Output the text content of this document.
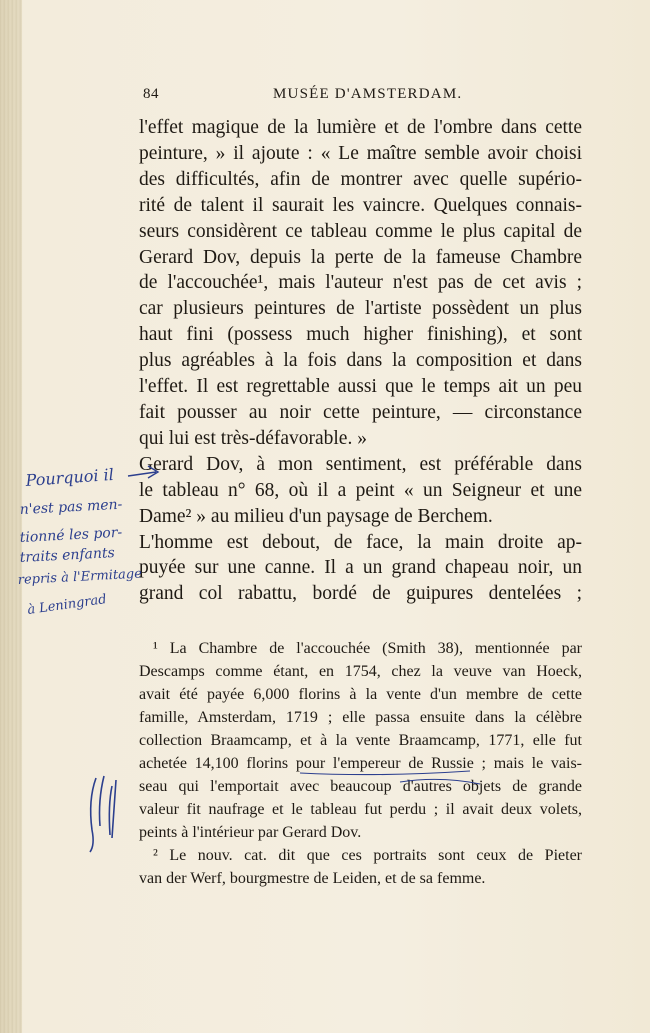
84	MUSÉE D'AMSTERDAM.
l'effet magique de la lumière et de l'ombre dans cette
peinture, » il ajoute : « Le maître semble avoir choisi
des difficultés, afin de montrer avec quelle supério-
rité de talent il saurait les vaincre. Quelques connais-
seurs considèrent ce tableau comme le plus capital de
Gerard Dov, depuis la perte de la fameuse Chambre
de l'accouchée¹, mais l'auteur n'est pas de cet avis ;
car plusieurs peintures de l'artiste possèdent un plus
haut fini (possess much higher finishing), et sont
plus agréables à la fois dans la composition et dans
l'effet. Il est regrettable aussi que le temps ait un peu
fait pousser au noir cette peinture, — circonstance
qui lui est très-défavorable. »
Gerard Dov, à mon sentiment, est préférable dans
le tableau n° 68, où il a peint « un Seigneur et une
Dame² » au milieu d'un paysage de Berchem.
L'homme est debout, de face, la main droite ap-
puyée sur une canne. Il a un grand chapeau noir, un
grand col rabattu, bordé de guipures dentelées ;
¹ La Chambre de l'accouchée (Smith 38), mentionnée par
Descamps comme étant, en 1754, chez la veuve van Hoeck,
avait été payée 6,000 florins à la vente d'un membre de cette
famille, Amsterdam, 1719 ; elle passa ensuite dans la célèbre
collection Braamcamp, et à la vente Braamcamp, 1771, elle fut
achetée 14,100 florins pour l'empereur de Russie ; mais le vais-
seau qui l'emportait avec beaucoup d'autres objets de grande
valeur fit naufrage et le tableau fut perdu ; il avait deux volets,
peints à l'intérieur par Gerard Dov.
² Le nouv. cat. dit que ces portraits sont ceux de Pieter
van der Werf, bourgmestre de Leiden, et de sa femme.
Pourquoi il
n'est pas men-
tionné les por-
traits enfants
repris à l'Ermitage
à Leningrad
